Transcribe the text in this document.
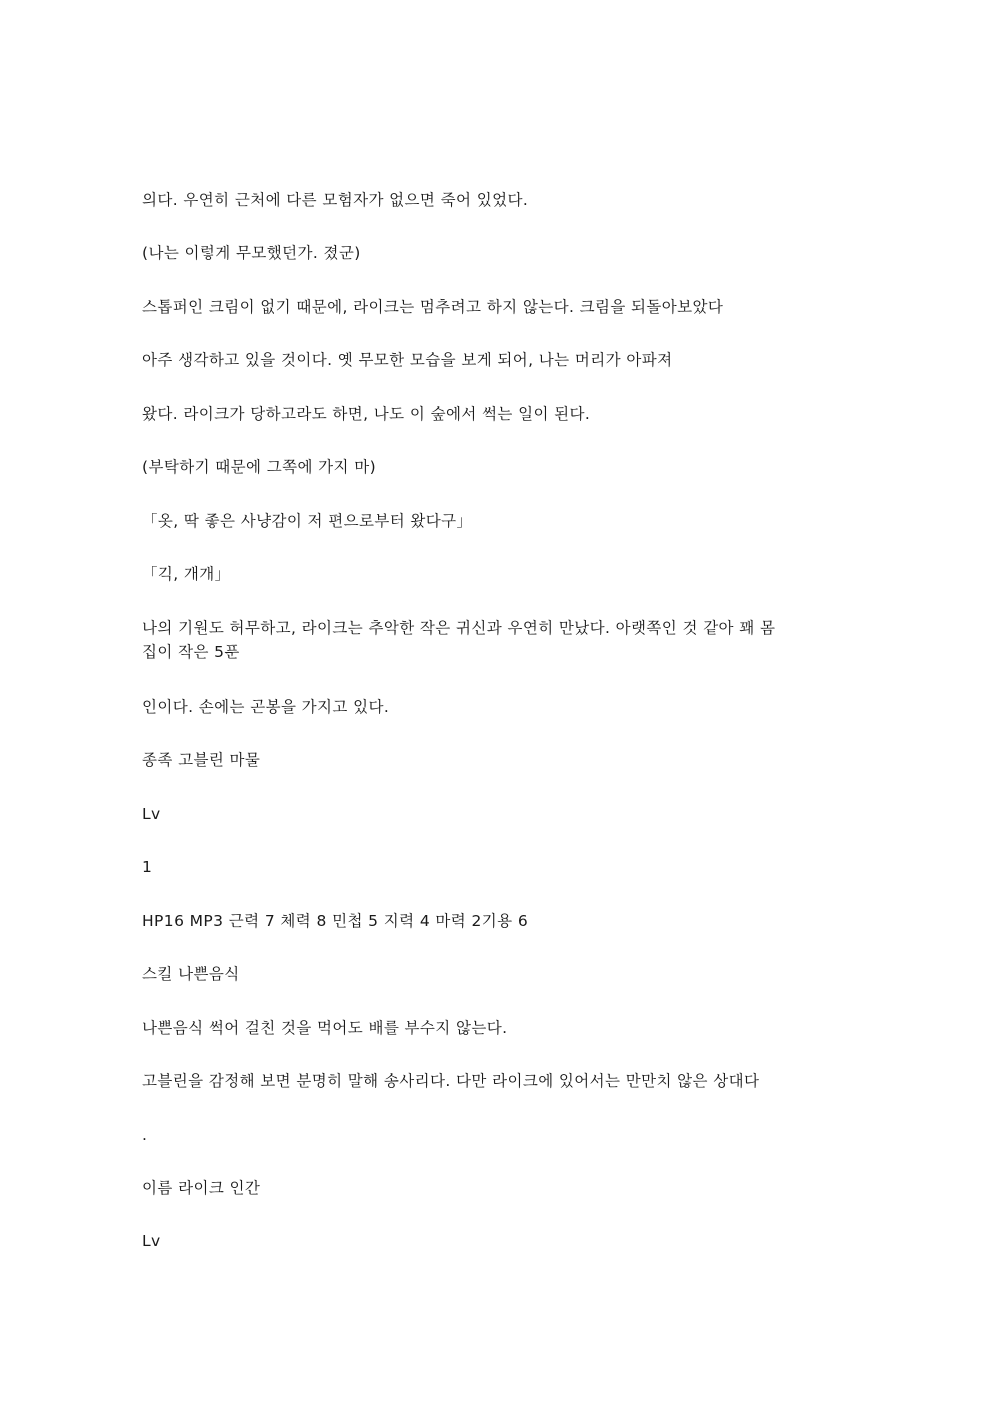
의다. 우연히 근처에 다른 모험자가 없으면 죽어 있었다.

(나는 이렇게 무모했던가. 졌군)

스톱퍼인 크림이 없기 때문에, 라이크는 멈추려고 하지 않는다. 크림을 되돌아보았다

아주 생각하고 있을 것이다. 옛 무모한 모습을 보게 되어, 나는 머리가 아파져

왔다. 라이크가 당하고라도 하면, 나도 이 숲에서 썩는 일이 된다.

(부탁하기 때문에 그쪽에 가지 마)

「옷, 딱 좋은 사냥감이 저 편으로부터 왔다구」

「긱, 개개」

나의 기원도 허무하고, 라이크는 추악한 작은 귀신과 우연히 만났다. 아랫쪽인 것 같아 꽤 몸
집이 작은 5푼

인이다. 손에는 곤봉을 가지고 있다.

종족 고블린 마물

Lv

1

HP16 MP3 근력 7 체력 8 민첩 5 지력 4 마력 2기용 6

스킬 나쁜음식

나쁜음식 썩어 걸친 것을 먹어도 배를 부수지 않는다.

고블린을 감정해 보면 분명히 말해 송사리다. 다만 라이크에 있어서는 만만치 않은 상대다

.

이름 라이크 인간

Lv
